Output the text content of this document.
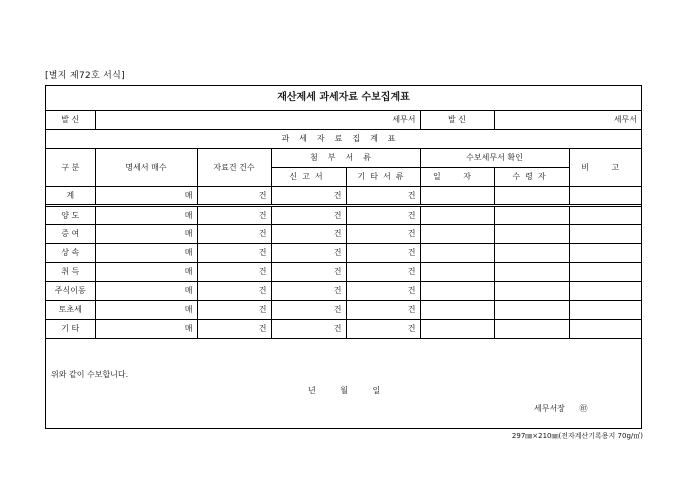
[별지 제72호 서식]
재산제세 과세자료 수보집계표
발 신	세무서				발 신	세무서	
과세자료집계표							
구 분	명세서 매수	자료건 건수	첨부서류		수보세무서 확인		비 고
			신고서	기타서류	일 자	수령자	
계	매	건	건	건			
양 도	매	건	건	건			
증 여	매	건	건	건			
상 속	매	건	건	건			
취 득	매	건	건	건			
주식이동	매	건	건	건			
토초세	매	건	건	건			
기 타	매	건	건	건			
위와 같이 수보합니다.
년 월 일
세무서장 ㊞
297㎜×210㎜(전자계산기록용지 70g/㎡)
